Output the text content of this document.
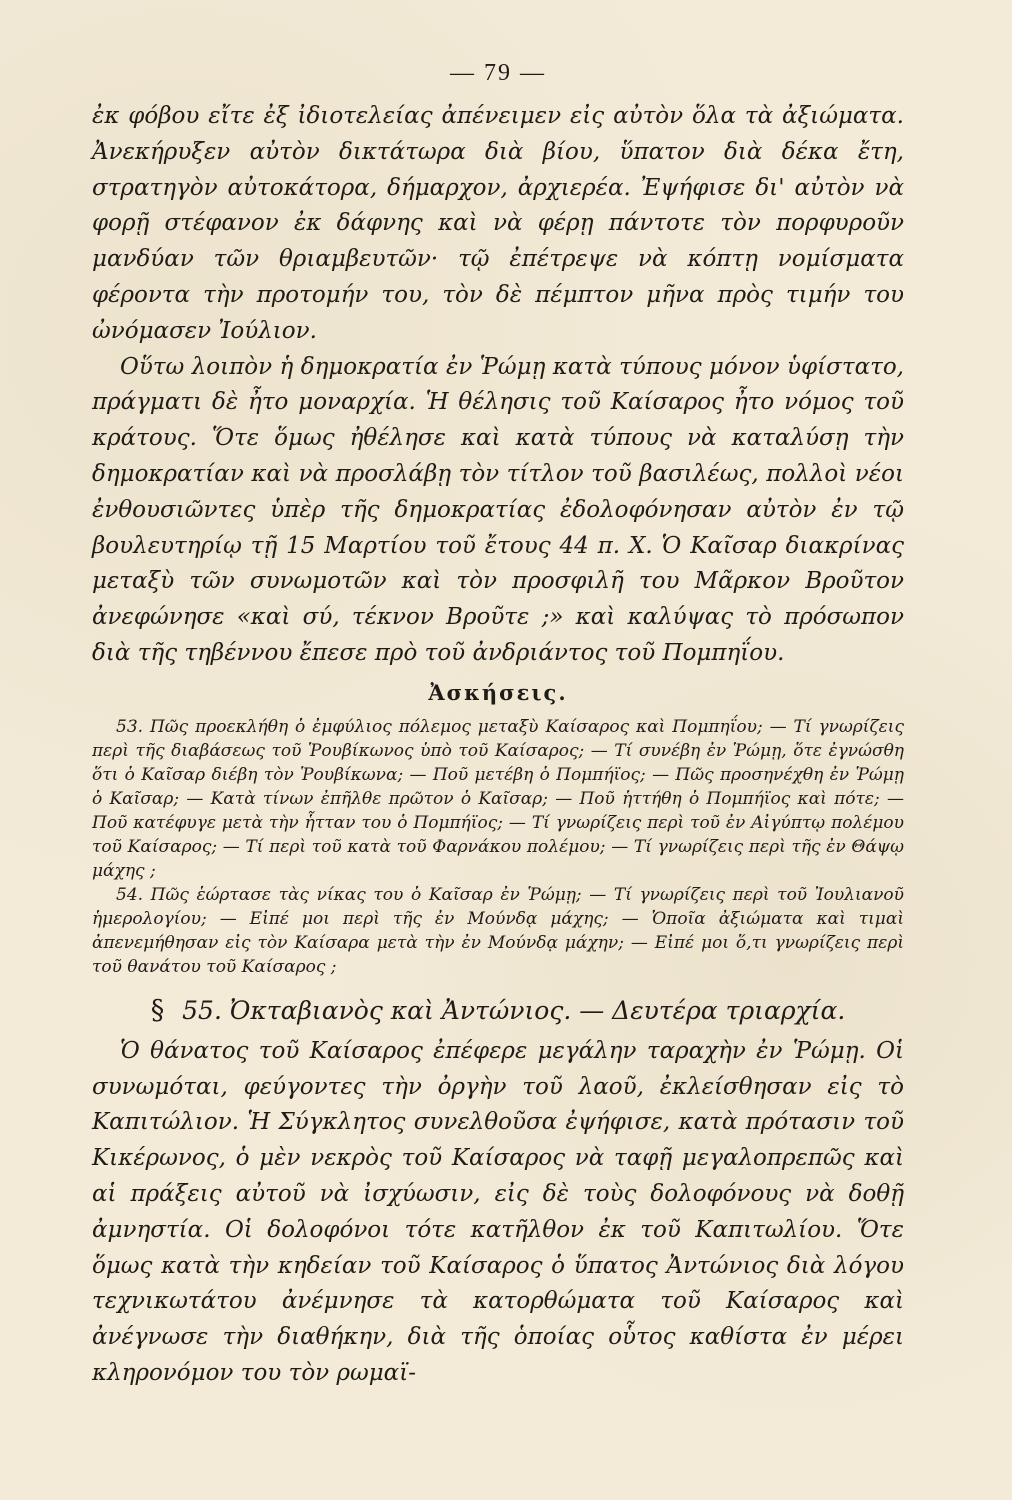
— 79 —

ἐκ φόβου εἴτε ἐξ ἰδιοτελείας ἀπένειμεν εἰς αὐτὸν ὅλα τὰ ἀξιώματα. Ἀνεκήρυξεν αὐτὸν δικτάτωρα διὰ βίου, ὕπατον διὰ δέκα ἔτη, στρατηγὸν αὐτοκάτορα, δήμαρχον, ἀρχιερέα. Ἐψήφισε δι' αὐτὸν νὰ φορῇ στέφανον ἐκ δάφνης καὶ νὰ φέρῃ πάντοτε τὸν πορφυροῦν μανδύαν τῶν θριαμβευτῶν· τῷ ἐπέτρεψε νὰ κόπτῃ νομίσματα φέροντα τὴν προτομήν του, τὸν δὲ πέμπτον μῆνα πρὸς τιμήν του ὠνόμασεν Ἰούλιον.

Οὕτω λοιπὸν ἡ δημοκρατία ἐν Ῥώμῃ κατὰ τύπους μόνον ὑφίστατο, πράγματι δὲ ἦτο μοναρχία. Ἡ θέλησις τοῦ Καίσαρος ἦτο νόμος τοῦ κράτους. Ὅτε ὅμως ἠθέλησε καὶ κατὰ τύπους νὰ καταλύσῃ τὴν δημοκρατίαν καὶ νὰ προσλάβῃ τὸν τίτλον τοῦ βασιλέως, πολλοὶ νέοι ἐνθουσιῶντες ὑπὲρ τῆς δημοκρατίας ἐδολοφόνησαν αὐτὸν ἐν τῷ βουλευτηρίῳ τῇ 15 Μαρτίου τοῦ ἔτους 44 π. Χ. Ὁ Καῖσαρ διακρίνας μεταξὺ τῶν συνωμοτῶν καὶ τὸν προσφιλῆ του Μᾶρκον Βροῦτον ἀνεφώνησε «καὶ σύ, τέκνον Βροῦτε ;» καὶ καλύψας τὸ πρόσωπον διὰ τῆς τηβέννου ἔπεσε πρὸ τοῦ ἀνδριάντος τοῦ Πομπηΐου.

Ἀσκήσεις.

53. Πῶς προεκλήθη ὁ ἐμφύλιος πόλεμος μεταξὺ Καίσαρος καὶ Πομπηΐου; — Τί γνωρίζεις περὶ τῆς διαβάσεως τοῦ Ῥουβίκωνος ὑπὸ τοῦ Καίσαρος; — Τί συνέβη ἐν Ῥώμῃ, ὅτε ἐγνώσθη ὅτι ὁ Καῖσαρ διέβη τὸν Ῥουβίκωνα; — Ποῦ μετέβη ὁ Πομπήϊος; — Πῶς προσηνέχθη ἐν Ῥώμῃ ὁ Καῖσαρ; — Κατὰ τίνων ἐπῆλθε πρῶτον ὁ Καῖσαρ; — Ποῦ ἡττήθη ὁ Πομπήϊος καὶ πότε; — Ποῦ κατέφυγε μετὰ τὴν ἧτταν του ὁ Πομπήϊος; — Τί γνωρίζεις περὶ τοῦ ἐν Αἰγύπτῳ πολέμου τοῦ Καίσαρος; — Τί περὶ τοῦ κατὰ τοῦ Φαρνάκου πολέμου; — Τί γνωρίζεις περὶ τῆς ἐν Θάψῳ μάχης ;

54. Πῶς ἑώρτασε τὰς νίκας του ὁ Καῖσαρ ἐν Ῥώμῃ; — Τί γνωρίζεις περὶ τοῦ Ἰουλιανοῦ ἡμερολογίου; — Εἰπέ μοι περὶ τῆς ἐν Μούνδᾳ μάχης; — Ὁποῖα ἀξιώματα καὶ τιμαὶ ἀπενεμήθησαν εἰς τὸν Καίσαρα μετὰ τὴν ἐν Μούνδᾳ μάχην; — Εἰπέ μοι ὅ,τι γνωρίζεις περὶ τοῦ θανάτου τοῦ Καίσαρος ;

§ 55. Ὀκταβιανὸς καὶ Ἀντώνιος. — Δευτέρα τριαρχία.

Ὁ θάνατος τοῦ Καίσαρος ἐπέφερε μεγάλην ταραχὴν ἐν Ῥώμῃ. Οἱ συνωμόται, φεύγοντες τὴν ὀργὴν τοῦ λαοῦ, ἐκλείσθησαν εἰς τὸ Καπιτώλιον. Ἡ Σύγκλητος συνελθοῦσα ἐψήφισε, κατὰ πρότασιν τοῦ Κικέρωνος, ὁ μὲν νεκρὸς τοῦ Καίσαρος νὰ ταφῇ μεγαλοπρεπῶς καὶ αἱ πράξεις αὐτοῦ νὰ ἰσχύωσιν, εἰς δὲ τοὺς δολοφόνους νὰ δοθῇ ἀμνηστία. Οἱ δολοφόνοι τότε κατῆλθον ἐκ τοῦ Καπιτωλίου. Ὅτε ὅμως κατὰ τὴν κηδείαν τοῦ Καίσαρος ὁ ὕπατος Ἀντώνιος διὰ λόγου τεχνικωτάτου ἀνέμνησε τὰ κατορθώματα τοῦ Καίσαρος καὶ ἀνέγνωσε τὴν διαθήκην, διὰ τῆς ὁποίας οὗτος καθίστα ἐν μέρει κληρονόμον του τὸν ρωμαϊ-
